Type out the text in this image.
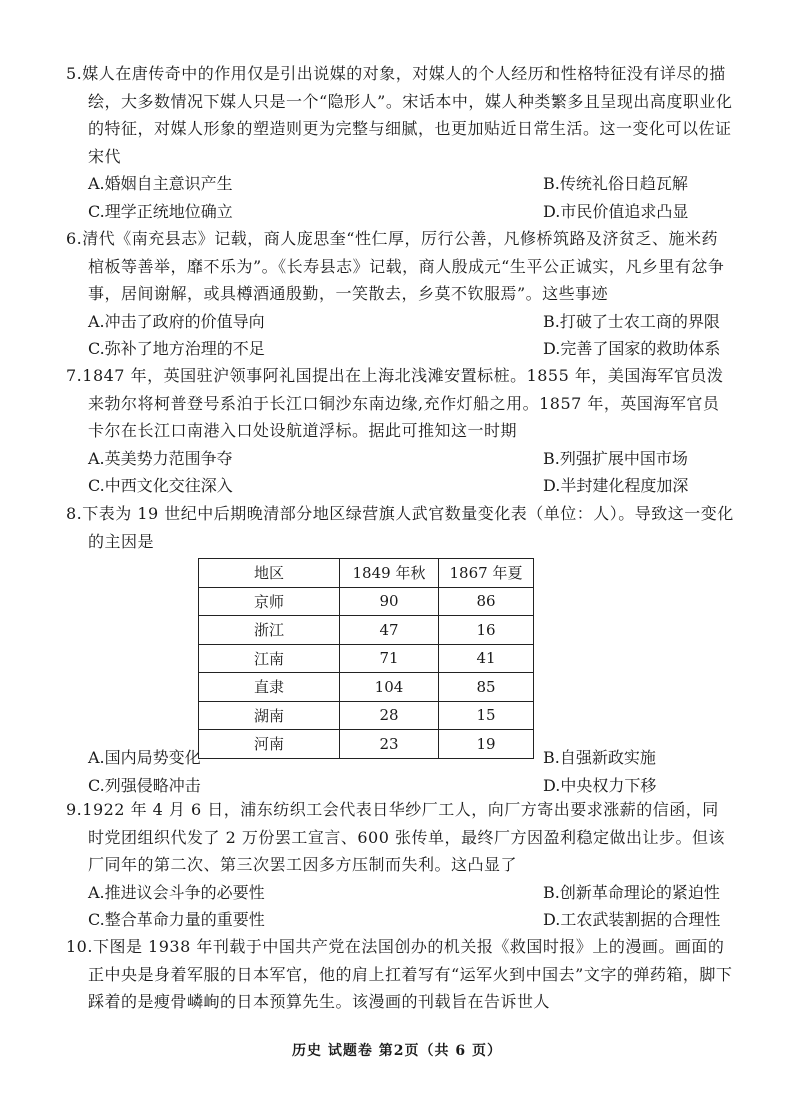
5.媒人在唐传奇中的作用仅是引出说媒的对象，对媒人的个人经历和性格特征没有详尽的描绘，大多数情况下媒人只是一个“隐形人”。宋话本中，媒人种类繁多且呈现出高度职业化的特征，对媒人形象的塑造则更为完整与细腻，也更加贴近日常生活。这一变化可以佐证宋代

A.婚姻自主意识产生	B.传统礼俗日趋瓦解
C.理学正统地位确立	D.市民价值追求凸显

6.清代《南充县志》记载，商人庞思奎“性仁厚，厉行公善，凡修桥筑路及济贫乏、施米药棺板等善举，靡不乐为”。《长寿县志》记载，商人殷成元“生平公正诚实，凡乡里有忿争事，居间谢解，或具樽酒通殷勤，一笑散去，乡莫不钦服焉”。这些事迹

A.冲击了政府的价值导向	B.打破了士农工商的界限
C.弥补了地方治理的不足	D.完善了国家的救助体系

7.1847 年，英国驻沪领事阿礼国提出在上海北浅滩安置标桩。1855 年，美国海军官员泼来勃尔将柯普登号系泊于长江口铜沙东南边缘,充作灯船之用。1857 年，英国海军官员卡尔在长江口南港入口处设航道浮标。据此可推知这一时期

A.英美势力范围争夺	B.列强扩展中国市场
C.中西文化交往深入	D.半封建化程度加深

8.下表为 19 世纪中后期晚清部分地区绿营旗人武官数量变化表（单位：人）。导致这一变化的主因是

地区	1849 年秋	1867 年夏
京师	90	86
浙江	47	16
江南	71	41
直隶	104	85
湖南	28	15
河南	23	19
A.国内局势变化	B.自强新政实施
C.列强侵略冲击	D.中央权力下移

9.1922 年 4 月 6 日，浦东纺织工会代表日华纱厂工人，向厂方寄出要求涨薪的信函，同时党团组织代发了 2 万份罢工宣言、600 张传单，最终厂方因盈利稳定做出让步。但该厂同年的第二次、第三次罢工因多方压制而失利。这凸显了

A.推进议会斗争的必要性	B.创新革命理论的紧迫性
C.整合革命力量的重要性	D.工农武装割据的合理性

10.下图是 1938 年刊载于中国共产党在法国创办的机关报《救国时报》上的漫画。画面的正中央是身着军服的日本军官，他的肩上扛着写有“运军火到中国去”文字的弹药箱，脚下踩着的是瘦骨嶙峋的日本预算先生。该漫画的刊载旨在告诉世人

历史 试题卷 第2页（共 6 页）
